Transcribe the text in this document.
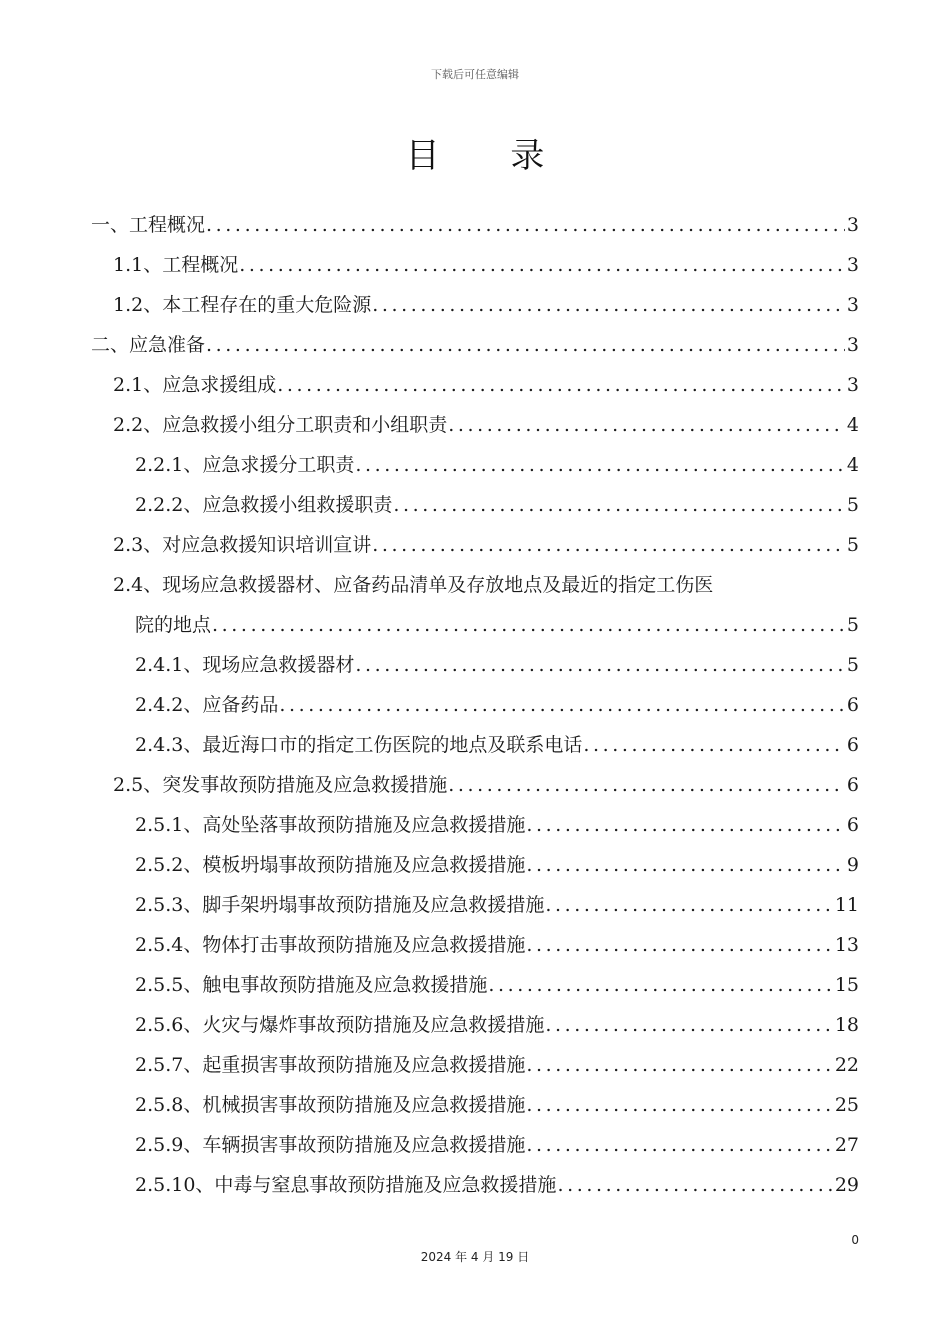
下载后可任意编辑
目 录
一、工程概况 .....	3
1.1、工程概况 .....	3
1.2、本工程存在的重大危险源 .....	3
二、应急准备 .....	3
2.1、应急求援组成 .....	3
2.2、应急救援小组分工职责和小组职责 .....	4
2.2.1、应急求援分工职责 .....	4
2.2.2、应急救援小组救援职责 .....	5
2.3、对应急救援知识培训宣讲 .....	5
2.4、现场应急救援器材、应备药品清单及存放地点及最近的指定工伤医
院的地点 .....	5
2.4.1、现场应急救援器材 .....	5
2.4.2、应备药品 .....	6
2.4.3、最近海口市的指定工伤医院的地点及联系电话 .....	6
2.5、突发事故预防措施及应急救援措施 .....	6
2.5.1、高处坠落事故预防措施及应急救援措施 .....	6
2.5.2、模板坍塌事故预防措施及应急救援措施 .....	9
2.5.3、脚手架坍塌事故预防措施及应急救援措施 .....	11
2.5.4、物体打击事故预防措施及应急救援措施 .....	13
2.5.5、触电事故预防措施及应急救援措施 .....	15
2.5.6、火灾与爆炸事故预防措施及应急救援措施 .....	18
2.5.7、起重损害事故预防措施及应急救援措施 .....	22
2.5.8、机械损害事故预防措施及应急救援措施 .....	25
2.5.9、车辆损害事故预防措施及应急救援措施 .....	27
2.5.10、中毒与窒息事故预防措施及应急救援措施 .....	29
0
2024 年 4 月 19 日
